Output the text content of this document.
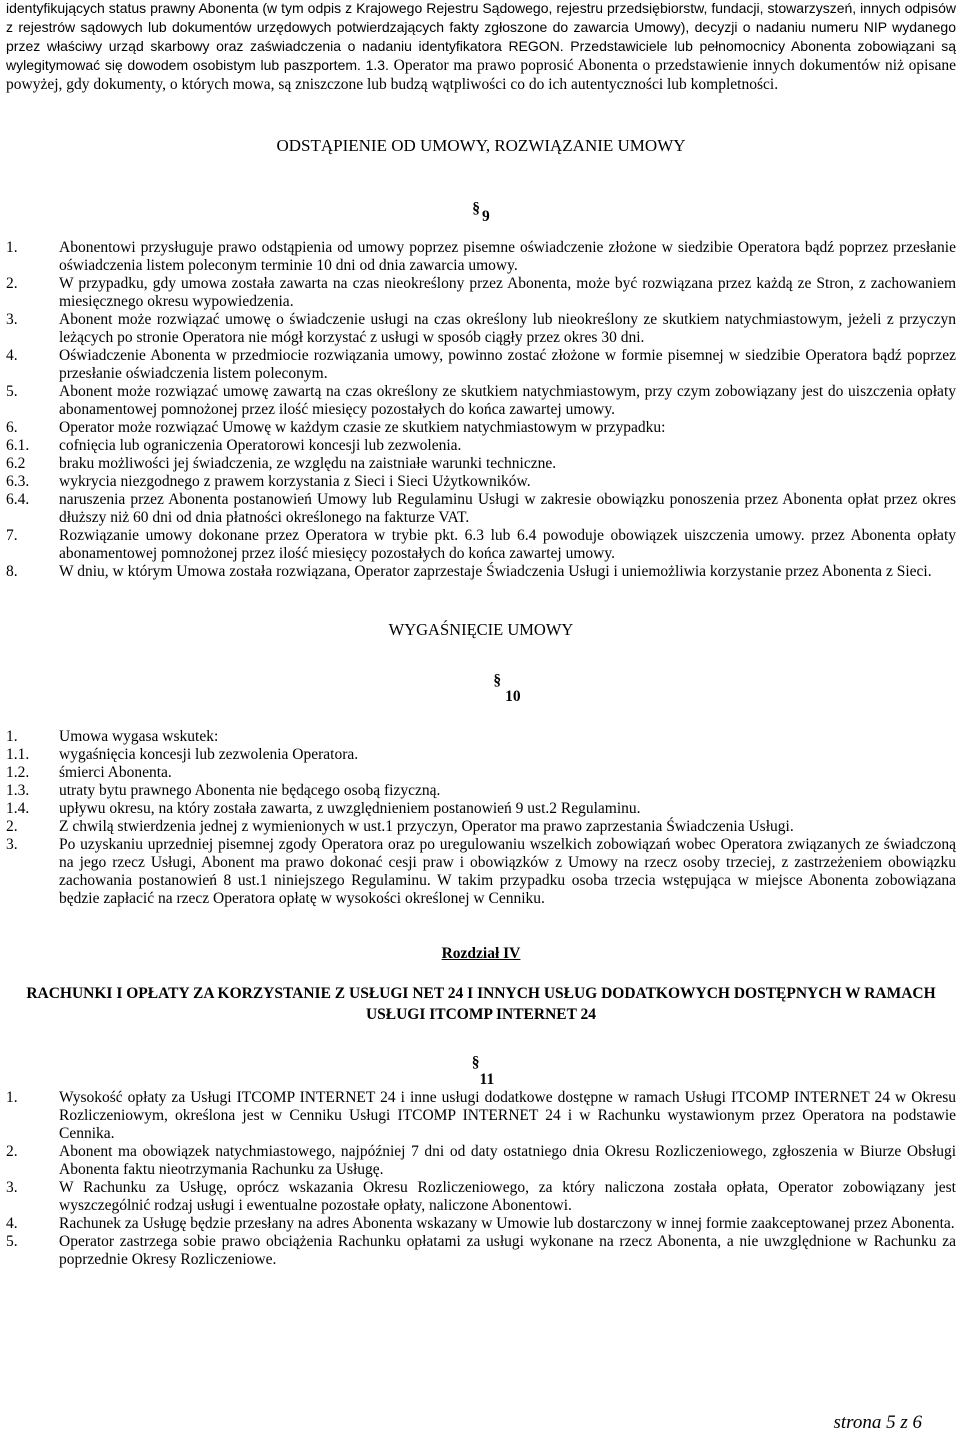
identyfikujących status prawny Abonenta (w tym odpis z Krajowego Rejestru Sądowego, rejestru przedsiębiorstw, fundacji, stowarzyszeń, innych odpisów z rejestrów sądowych lub dokumentów urzędowych potwierdzających fakty zgłoszone do zawarcia Umowy), decyzji o nadaniu numeru NIP wydanego przez właściwy urząd skarbowy oraz zaświadczenia o nadaniu identyfikatora REGON. Przedstawiciele lub pełnomocnicy Abonenta zobowiązani są wylegitymować się dowodem osobistym lub paszportem. 1.3. Operator ma prawo poprosić Abonenta o przedstawienie innych dokumentów niż opisane powyżej, gdy dokumenty, o których mowa, są zniszczone lub budzą wątpliwości co do ich autentyczności lub kompletności.

ODSTĄPIENIE OD UMOWY, ROZWIĄZANIE UMOWY
§ 9
1.	Abonentowi przysługuje prawo odstąpienia od umowy poprzez pisemne oświadczenie złożone w siedzibie Operatora bądź poprzez przesłanie oświadczenia listem poleconym terminie 10 dni od dnia zawarcia umowy.
2.	W przypadku, gdy umowa została zawarta na czas nieokreślony przez Abonenta, może być rozwiązana przez każdą ze Stron, z zachowaniem miesięcznego okresu wypowiedzenia.
3.	Abonent może rozwiązać umowę o świadczenie usługi na czas określony lub nieokreślony ze skutkiem natychmiastowym, jeżeli z przyczyn leżących po stronie Operatora nie mógł korzystać z usługi w sposób ciągły przez okres 30 dni.
4.	Oświadczenie Abonenta w przedmiocie rozwiązania umowy, powinno zostać złożone w formie pisemnej w siedzibie Operatora bądź poprzez przesłanie oświadczenia listem poleconym.
5.	Abonent może rozwiązać umowę zawartą na czas określony ze skutkiem natychmiastowym, przy czym zobowiązany jest do uiszczenia opłaty abonamentowej pomnożonej przez ilość miesięcy pozostałych do końca zawartej umowy.
6.	Operator może rozwiązać Umowę w każdym czasie ze skutkiem natychmiastowym w przypadku:
6.1.	cofnięcia lub ograniczenia Operatorowi koncesji lub zezwolenia.
6.2	braku możliwości jej świadczenia, ze względu na zaistniałe warunki techniczne.
6.3.	wykrycia niezgodnego z prawem korzystania z Sieci i Sieci Użytkowników.
6.4.	naruszenia przez Abonenta postanowień Umowy lub Regulaminu Usługi w zakresie obowiązku ponoszenia przez Abonenta opłat przez okres dłuższy niż 60 dni od dnia płatności określonego na fakturze VAT.
7.	Rozwiązanie umowy dokonane przez Operatora w trybie pkt. 6.3 lub 6.4 powoduje obowiązek uiszczenia umowy. przez Abonenta opłaty abonamentowej pomnożonej przez ilość miesięcy pozostałych do końca zawartej umowy.
8.	W dniu, w którym Umowa została rozwiązana, Operator zaprzestaje Świadczenia Usługi i uniemożliwia korzystanie przez Abonenta z Sieci.
WYGAŚNIĘCIE UMOWY
§10
1.	Umowa wygasa wskutek:
1.1.	wygaśnięcia koncesji lub zezwolenia Operatora.
1.2.	śmierci Abonenta.
1.3.	utraty bytu prawnego Abonenta nie będącego osobą fizyczną.
1.4.	upływu okresu, na który została zawarta, z uwzględnieniem postanowień 9 ust.2 Regulaminu.
2.	Z chwilą stwierdzenia jednej z wymienionych w ust.1 przyczyn, Operator ma prawo zaprzestania Świadczenia Usługi.
3.	Po uzyskaniu uprzedniej pisemnej zgody Operatora oraz po uregulowaniu wszelkich zobowiązań wobec Operatora związanych ze świadczoną na jego rzecz Usługi, Abonent ma prawo dokonać cesji praw i obowiązków z Umowy na rzecz osoby trzeciej, z zastrzeżeniem obowiązku zachowania postanowień 8 ust.1 niniejszego Regulaminu. W takim przypadku osoba trzecia wstępująca w miejsce Abonenta zobowiązana będzie zapłacić na rzecz Operatora opłatę w wysokości określonej w Cenniku.
Rozdział IV
RACHUNKI I OPŁATY ZA KORZYSTANIE Z USŁUGI NET 24 I INNYCH USŁUG DODATKOWYCH DOSTĘPNYCH W RAMACH USŁUGI ITCOMP INTERNET 24
§11
1.	Wysokość opłaty za Usługi ITCOMP INTERNET 24 i inne usługi dodatkowe dostępne w ramach Usługi ITCOMP INTERNET 24 w Okresu Rozliczeniowym, określona jest w Cenniku Usługi ITCOMP INTERNET 24 i w Rachunku wystawionym przez Operatora na podstawie Cennika.
2.	Abonent ma obowiązek natychmiastowego, najpóźniej 7 dni od daty ostatniego dnia Okresu Rozliczeniowego, zgłoszenia w Biurze Obsługi Abonenta faktu nieotrzymania Rachunku za Usługę.
3.	W Rachunku za Usługę, oprócz wskazania Okresu Rozliczeniowego, za który naliczona została opłata, Operator zobowiązany jest wyszczególnić rodzaj usługi i ewentualne pozostałe opłaty, naliczone Abonentowi.
4.	Rachunek za Usługę będzie przesłany na adres Abonenta wskazany w Umowie lub dostarczony w innej formie zaakceptowanej przez Abonenta.
5.	Operator zastrzega sobie prawo obciążenia Rachunku opłatami za usługi wykonane na rzecz Abonenta, a nie uwzględnione w Rachunku za poprzednie Okresy Rozliczeniowe.
strona 5 z 6
